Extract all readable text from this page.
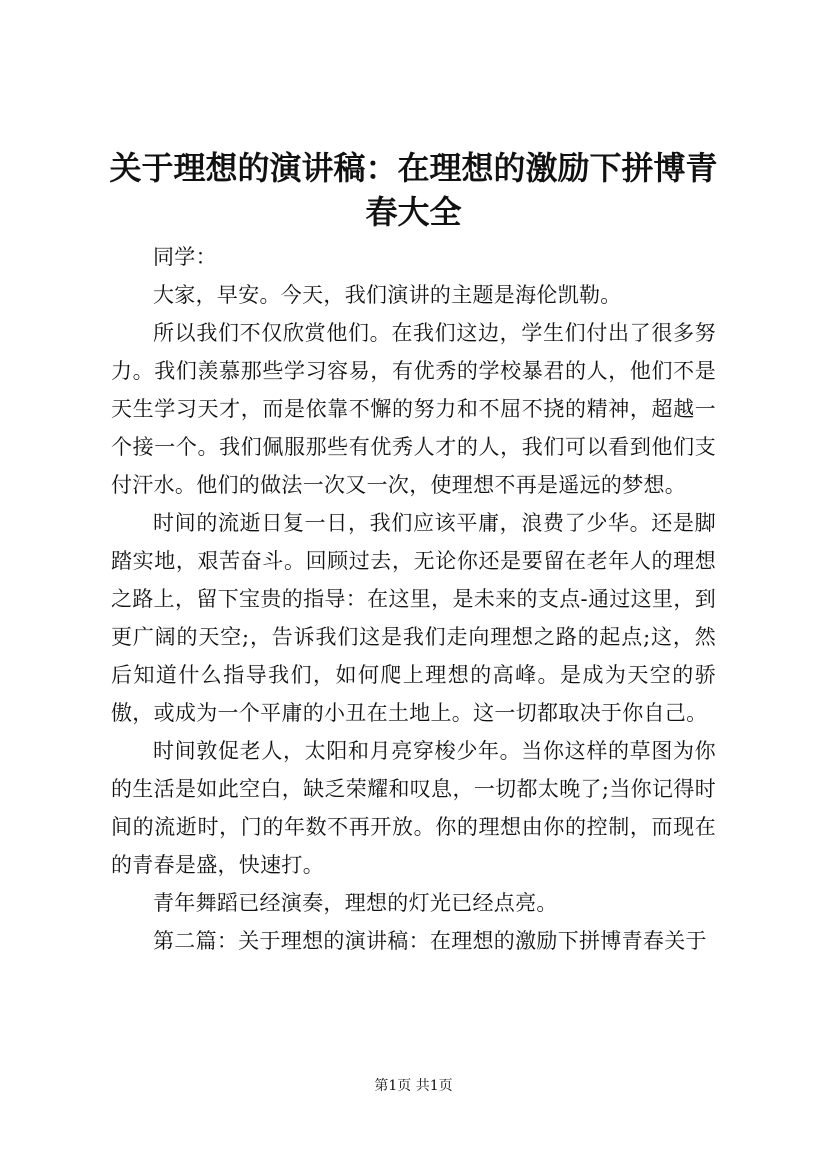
关于理想的演讲稿：在理想的激励下拼博青春大全

同学：

大家，早安。今天，我们演讲的主题是海伦凯勒。

所以我们不仅欣赏他们。在我们这边，学生们付出了很多努力。我们羡慕那些学习容易，有优秀的学校暴君的人，他们不是天生学习天才，而是依靠不懈的努力和不屈不挠的精神，超越一个接一个。我们佩服那些有优秀人才的人，我们可以看到他们支付汗水。他们的做法一次又一次，使理想不再是遥远的梦想。

时间的流逝日复一日，我们应该平庸，浪费了少华。还是脚踏实地，艰苦奋斗。回顾过去，无论你还是要留在老年人的理想之路上，留下宝贵的指导：在这里，是未来的支点-通过这里，到更广阔的天空;，告诉我们这是我们走向理想之路的起点;这，然后知道什么指导我们，如何爬上理想的高峰。是成为天空的骄傲，或成为一个平庸的小丑在土地上。这一切都取决于你自己。

时间敦促老人，太阳和月亮穿梭少年。当你这样的草图为你的生活是如此空白，缺乏荣耀和叹息，一切都太晚了;当你记得时间的流逝时，门的年数不再开放。你的理想由你的控制，而现在的青春是盛，快速打。

青年舞蹈已经演奏，理想的灯光已经点亮。

第二篇：关于理想的演讲稿：在理想的激励下拼博青春关于

第1页 共1页
